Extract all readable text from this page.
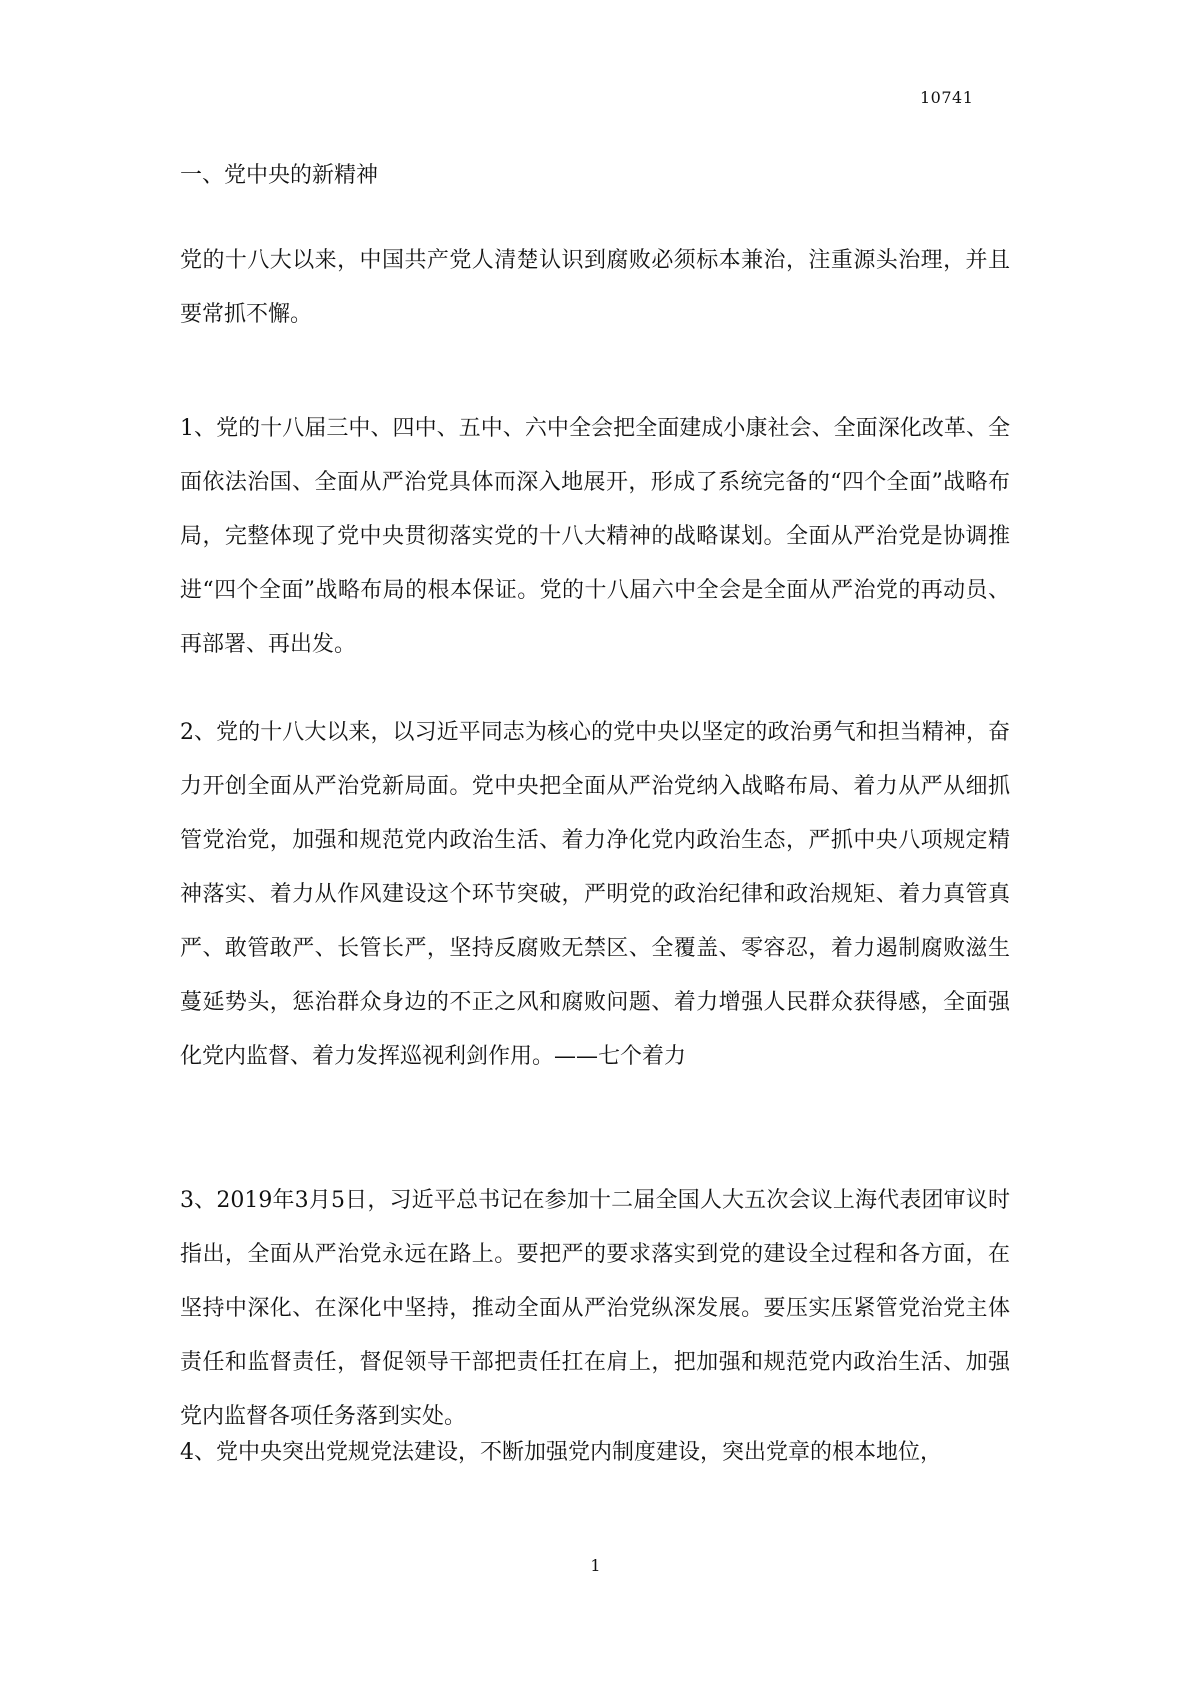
10741
一、党中央的新精神

党的十八大以来，中国共产党人清楚认识到腐败必须标本兼治，注重源头治理，并且要常抓不懈。

1、党的十八届三中、四中、五中、六中全会把全面建成小康社会、全面深化改革、全面依法治国、全面从严治党具体而深入地展开，形成了系统完备的“四个全面”战略布局，完整体现了党中央贯彻落实党的十八大精神的战略谋划。全面从严治党是协调推进“四个全面”战略布局的根本保证。党的十八届六中全会是全面从严治党的再动员、再部署、再出发。

2、党的十八大以来，以习近平同志为核心的党中央以坚定的政治勇气和担当精神，奋力开创全面从严治党新局面。党中央把全面从严治党纳入战略布局、着力从严从细抓管党治党，加强和规范党内政治生活、着力净化党内政治生态，严抓中央八项规定精神落实、着力从作风建设这个环节突破，严明党的政治纪律和政治规矩、着力真管真严、敢管敢严、长管长严，坚持反腐败无禁区、全覆盖、零容忍，着力遏制腐败滋生蔓延势头，惩治群众身边的不正之风和腐败问题、着力增强人民群众获得感，全面强化党内监督、着力发挥巡视利剑作用。——七个着力

3、2019年3月5日，习近平总书记在参加十二届全国人大五次会议上海代表团审议时指出，全面从严治党永远在路上。要把严的要求落实到党的建设全过程和各方面，在坚持中深化、在深化中坚持，推动全面从严治党纵深发展。要压实压紧管党治党主体责任和监督责任，督促领导干部把责任扛在肩上，把加强和规范党内政治生活、加强党内监督各项任务落到实处。

4、党中央突出党规党法建设，不断加强党内制度建设，突出党章的根本地位，

1
